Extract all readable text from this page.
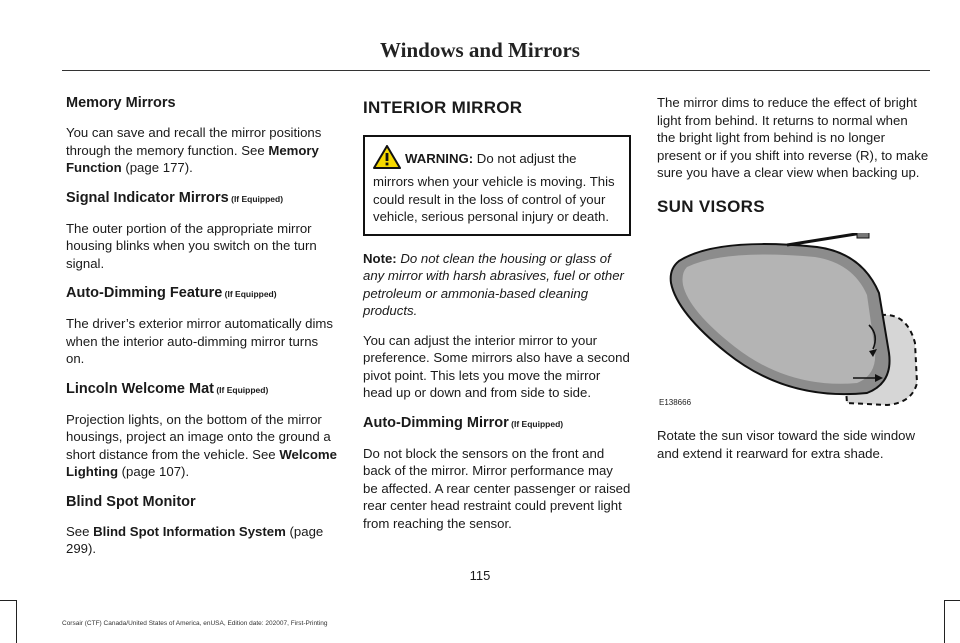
Windows and Mirrors
Memory Mirrors

You can save and recall the mirror positions through the memory function. See Memory Function (page 177).

Signal Indicator Mirrors (If Equipped)

The outer portion of the appropriate mirror housing blinks when you switch on the turn signal.

Auto-Dimming Feature (If Equipped)

The driver’s exterior mirror automatically dims when the interior auto-dimming mirror turns on.

Lincoln Welcome Mat (If Equipped)

Projection lights, on the bottom of the mirror housings, project an image onto the ground a short distance from the vehicle. See Welcome Lighting (page 107).

Blind Spot Monitor

See Blind Spot Information System (page 299).

INTERIOR MIRROR
WARNING: Do not adjust the mirrors when your vehicle is moving. This could result in the loss of control of your vehicle, serious personal injury or death.

Note: Do not clean the housing or glass of any mirror with harsh abrasives, fuel or other petroleum or ammonia-based cleaning products.

You can adjust the interior mirror to your preference. Some mirrors also have a second pivot point. This lets you move the mirror head up or down and from side to side.

Auto-Dimming Mirror (If Equipped)

Do not block the sensors on the front and back of the mirror. Mirror performance may be affected. A rear center passenger or raised rear center head restraint could prevent light from reaching the sensor.

The mirror dims to reduce the effect of bright light from behind. It returns to normal when the bright light from behind is no longer present or if you shift into reverse (R), to make sure you have a clear view when backing up.

SUN VISORS
E138666

Rotate the sun visor toward the side window and extend it rearward for extra shade.

115
Corsair (CTF) Canada/United States of America, enUSA, Edition date: 202007, First-Printing
